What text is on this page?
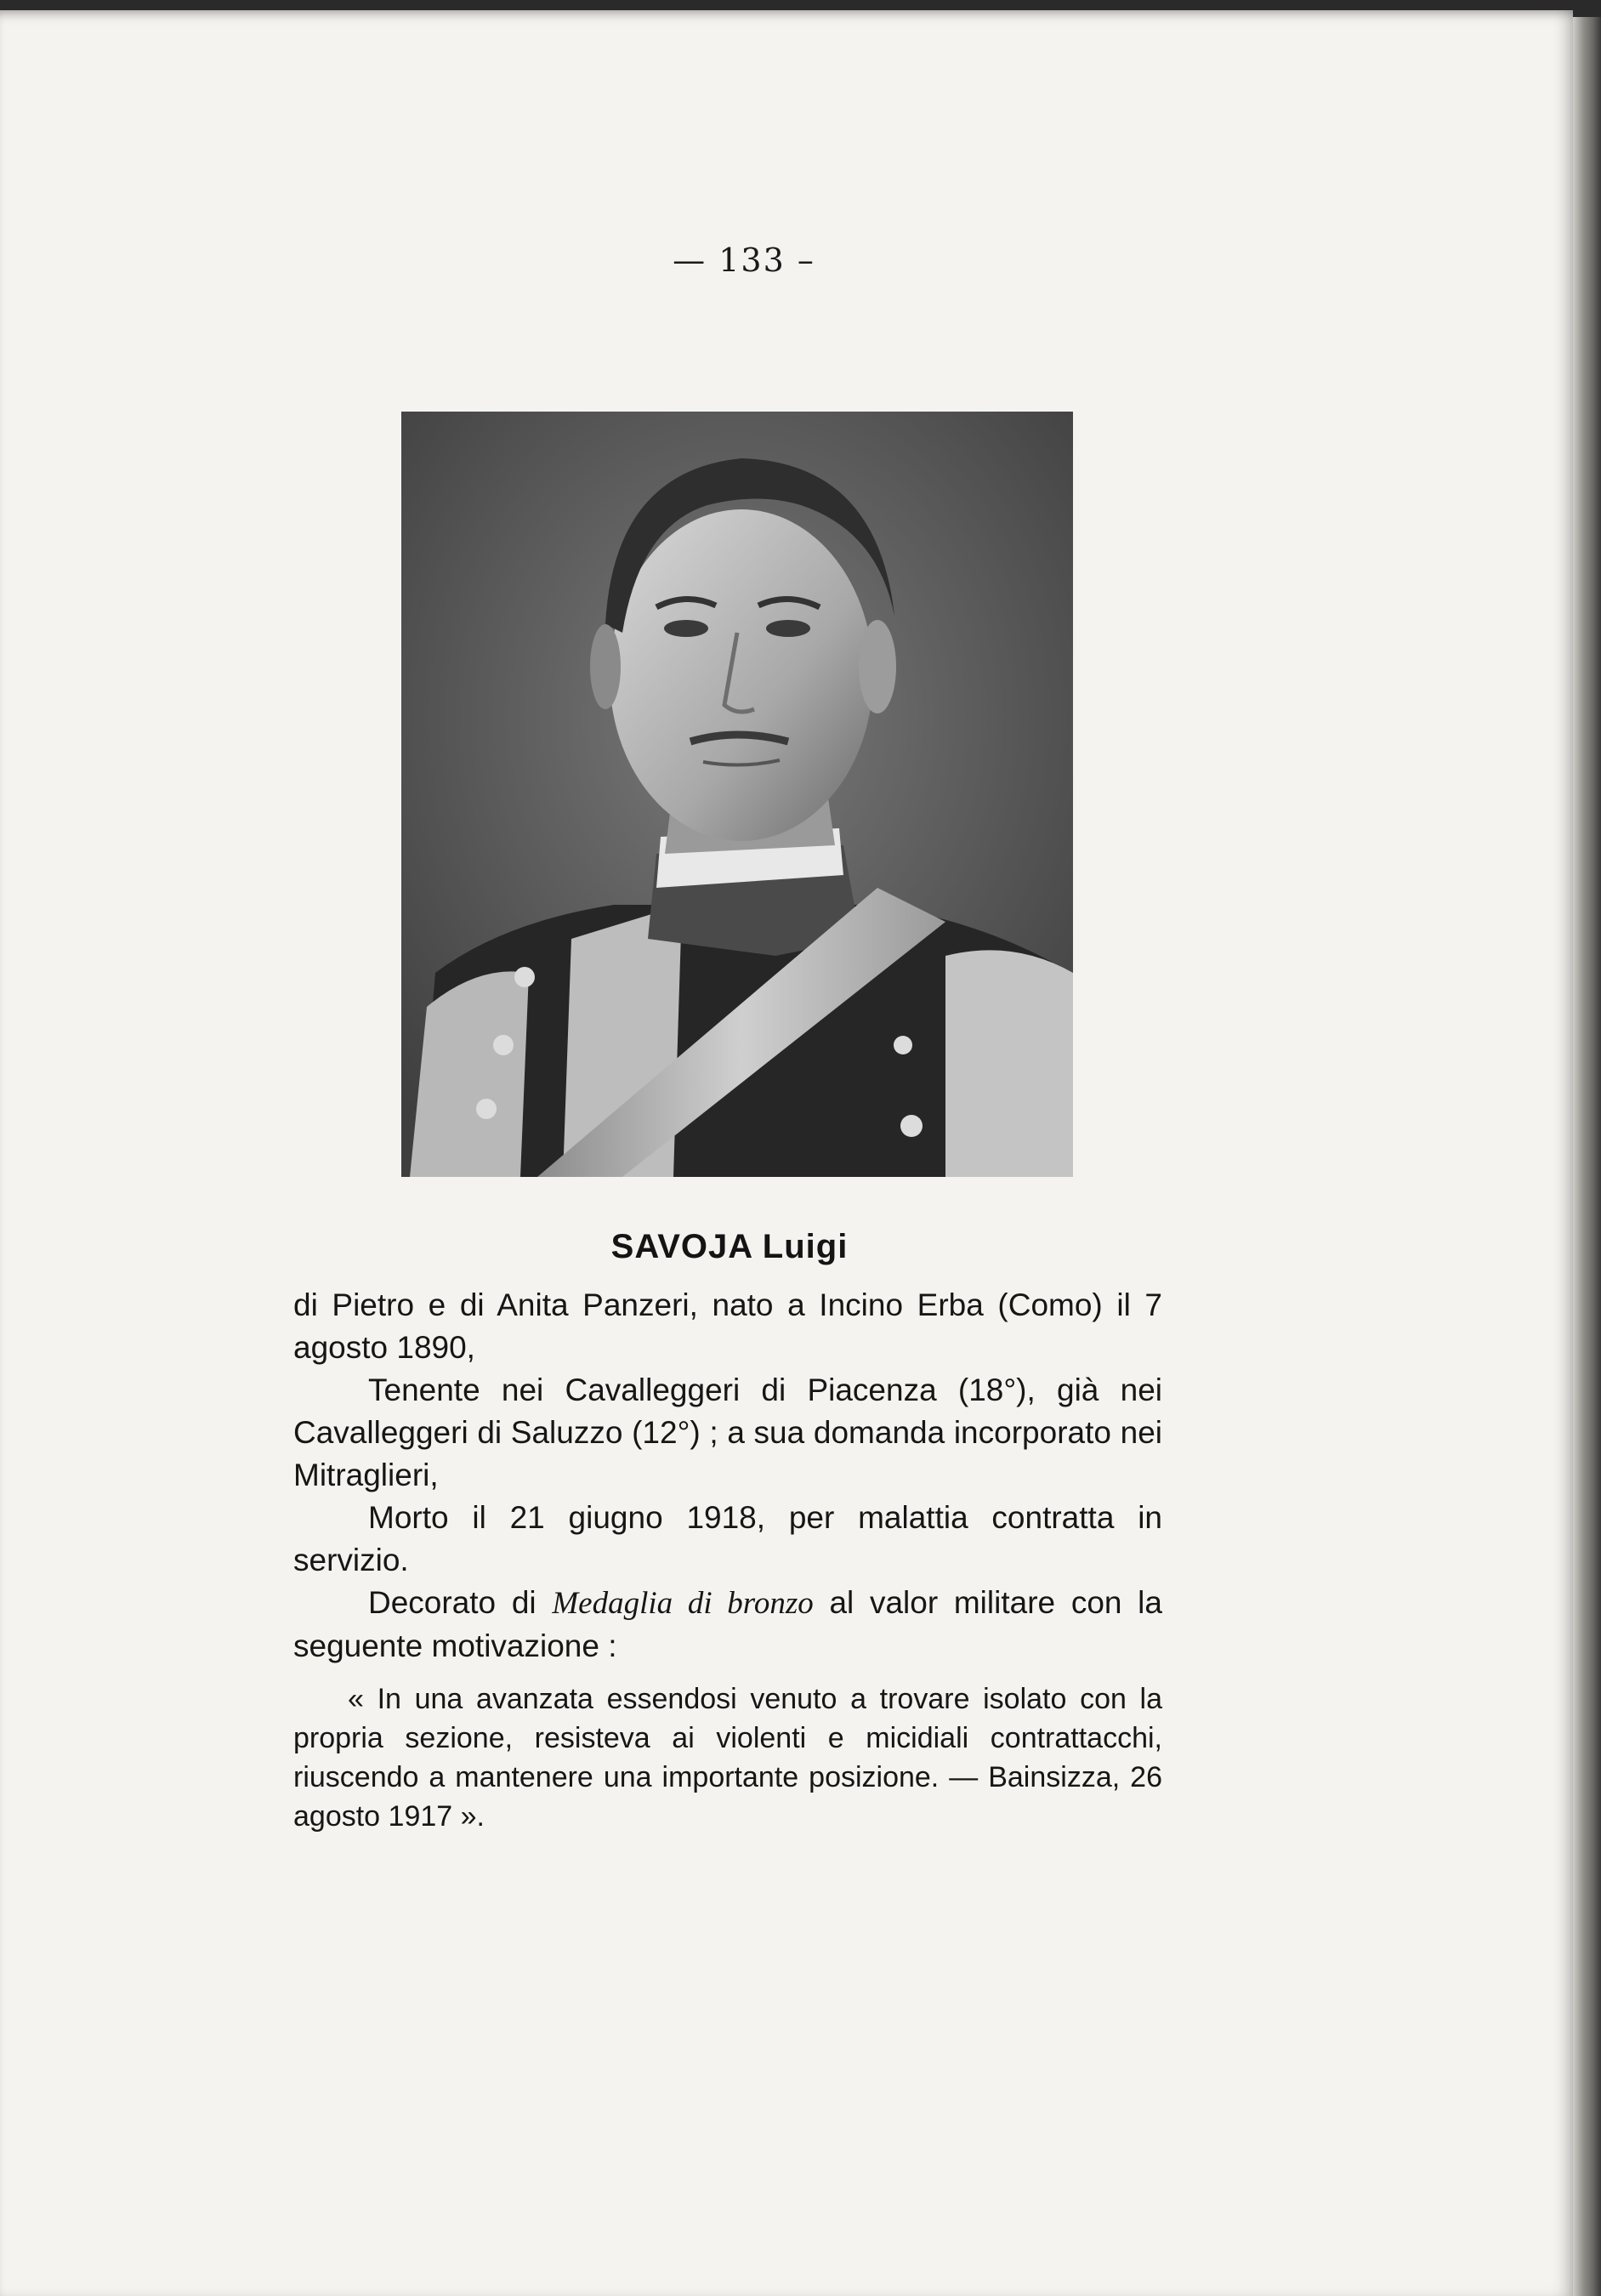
— 133 –
SAVOJA Luigi

di Pietro e di Anita Panzeri, nato a Incino Erba (Como) il 7 agosto 1890,

Tenente nei Cavalleggeri di Piacenza (18°), già nei Cavalleggeri di Saluzzo (12°) ; a sua domanda incorporato nei Mitraglieri,

Morto il 21 giugno 1918, per malattia contratta in servizio.

Decorato di Medaglia di bronzo al valor militare con la seguente motivazione :

« In una avanzata essendosi venuto a trovare isolato con la propria sezione, resisteva ai violenti e micidiali contrattacchi, riuscendo a mantenere una importante posizione. — Bainsizza, 26 agosto 1917 ».
